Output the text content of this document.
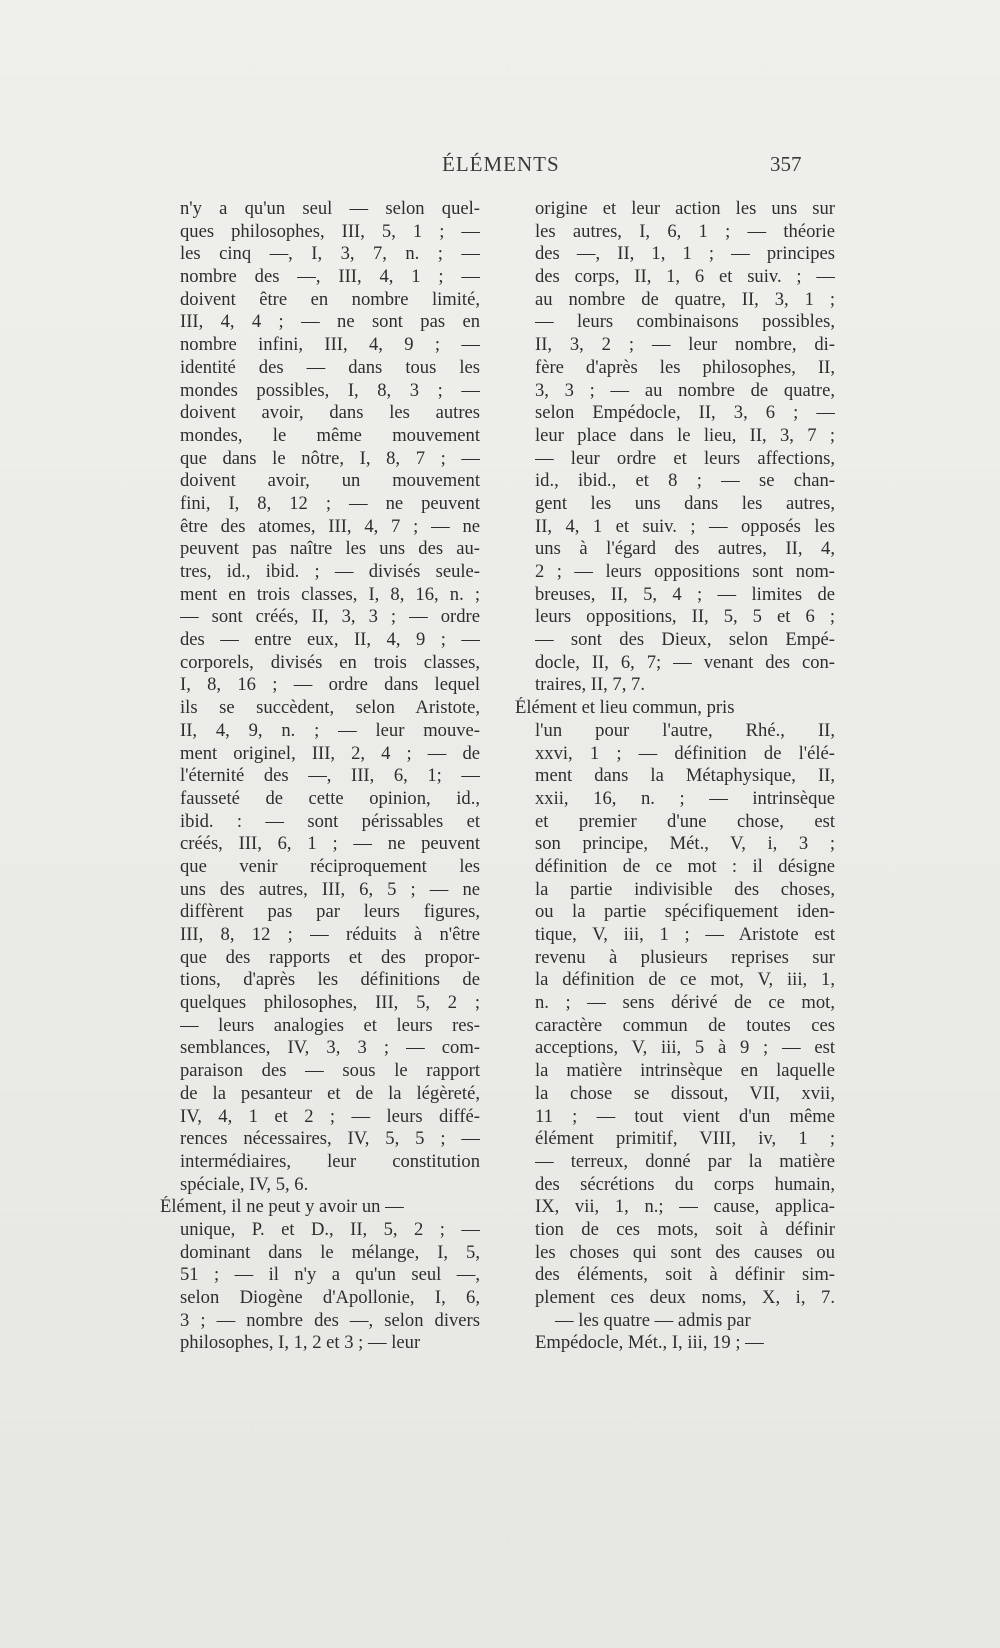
ÉLÉMENTS	357
n'y a qu'un seul — selon quel-
ques philosophes, III, 5, 1 ; —
les cinq —, I, 3, 7, n. ; —
nombre des —, III, 4, 1 ; —
doivent être en nombre limité,
III, 4, 4 ; — ne sont pas en
nombre infini, III, 4, 9 ; —
identité des — dans tous les
mondes possibles, I, 8, 3 ; —
doivent avoir, dans les autres
mondes, le même mouvement
que dans le nôtre, I, 8, 7 ; —
doivent avoir, un mouvement
fini, I, 8, 12 ; — ne peuvent
être des atomes, III, 4, 7 ; — ne
peuvent pas naître les uns des au-
tres, id., ibid. ; — divisés seule-
ment en trois classes, I, 8, 16, n. ;
— sont créés, II, 3, 3 ; — ordre
des — entre eux, II, 4, 9 ; —
corporels, divisés en trois classes,
I, 8, 16 ; — ordre dans lequel
ils se succèdent, selon Aristote,
II, 4, 9, n. ; — leur mouve-
ment originel, III, 2, 4 ; — de
l'éternité des —, III, 6, 1; —
fausseté de cette opinion, id.,
ibid. : — sont périssables et
créés, III, 6, 1 ; — ne peuvent
que venir réciproquement les
uns des autres, III, 6, 5 ; — ne
diffèrent pas par leurs figures,
III, 8, 12 ; — réduits à n'être
que des rapports et des propor-
tions, d'après les définitions de
quelques philosophes, III, 5, 2 ;
— leurs analogies et leurs res-
semblances, IV, 3, 3 ; — com-
paraison des — sous le rapport
de la pesanteur et de la légèreté,
IV, 4, 1 et 2 ; — leurs diffé-
rences nécessaires, IV, 5, 5 ; —
intermédiaires, leur constitution
spéciale, IV, 5, 6.
Élément, il ne peut y avoir un —
unique, P. et D., II, 5, 2 ; —
dominant dans le mélange, I, 5,
51 ; — il n'y a qu'un seul —,
selon Diogène d'Apollonie, I, 6,
3 ; — nombre des —, selon divers
philosophes, I, 1, 2 et 3 ; — leur
origine et leur action les uns sur
les autres, I, 6, 1 ; — théorie
des —, II, 1, 1 ; — principes
des corps, II, 1, 6 et suiv. ; —
au nombre de quatre, II, 3, 1 ;
— leurs combinaisons possibles,
II, 3, 2 ; — leur nombre, di-
fère d'après les philosophes, II,
3, 3 ; — au nombre de quatre,
selon Empédocle, II, 3, 6 ; —
leur place dans le lieu, II, 3, 7 ;
— leur ordre et leurs affections,
id., ibid., et 8 ; — se chan-
gent les uns dans les autres,
II, 4, 1 et suiv. ; — opposés les
uns à l'égard des autres, II, 4,
2 ; — leurs oppositions sont nom-
breuses, II, 5, 4 ; — limites de
leurs oppositions, II, 5, 5 et 6 ;
— sont des Dieux, selon Empé-
docle, II, 6, 7; — venant des con-
traires, II, 7, 7.
Élément et lieu commun, pris
l'un pour l'autre, Rhé., II,
xxvi, 1 ; — définition de l'élé-
ment dans la Métaphysique, II,
xxii, 16, n. ; — intrinsèque
et premier d'une chose, est
son principe, Mét., V, i, 3 ;
définition de ce mot : il désigne
la partie indivisible des choses,
ou la partie spécifiquement iden-
tique, V, iii, 1 ; — Aristote est
revenu à plusieurs reprises sur
la définition de ce mot, V, iii, 1,
n. ; — sens dérivé de ce mot,
caractère commun de toutes ces
acceptions, V, iii, 5 à 9 ; — est
la matière intrinsèque en laquelle
la chose se dissout, VII, xvii,
11 ; — tout vient d'un même
élément primitif, VIII, iv, 1 ;
— terreux, donné par la matière
des sécrétions du corps humain,
IX, vii, 1, n.; — cause, applica-
tion de ces mots, soit à définir
les choses qui sont des causes ou
des éléments, soit à définir sim-
plement ces deux noms, X, i, 7.
— les quatre — admis par
Empédocle, Mét., I, iii, 19 ; —
